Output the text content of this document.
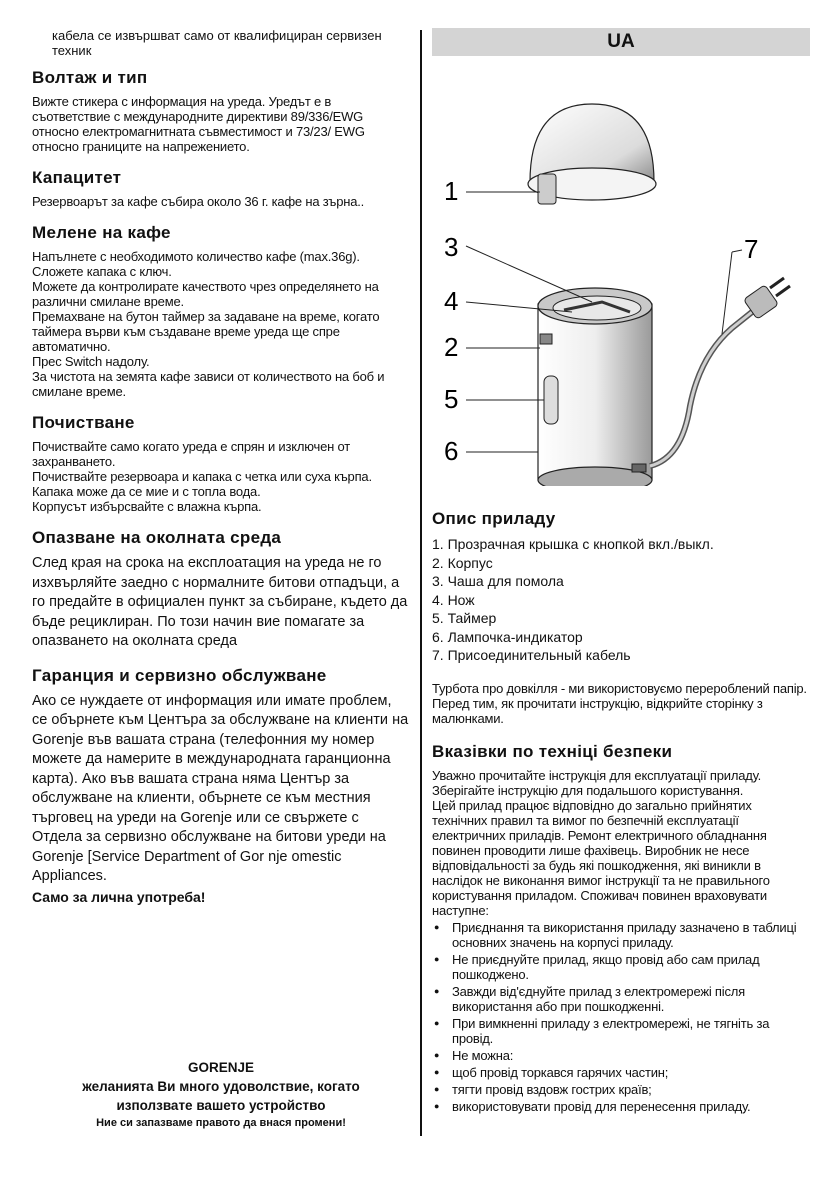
кабела се извършват само от квалифициран сервизен техник

Волтаж и тип

Вижте стикера с информация на уреда. Уредът е в съответствие с международните директиви 89/336/EWG относно електромагнитната съвместимост и 73/23/ EWG относно границите на напрежението.

Капацитет

Резервоарът за кафе събира около 36 г. кафе на зърна..

Мелене на кафе
Напълнете с необходимото количество кафе (max.36g). Сложете капака с ключ.
Можете да контролирате качеството чрез определянето на различни смилане време.
Премахване на бутон таймер за задаване на време, когато таймера върви към създаване време уреда ще спре автоматично.
Прес Switch надолу.
За чистота на земята кафе зависи от количеството на боб и смилане време.
Почистване
Почиствайте само когато уреда е спрян и изключен от захранването.
Почиствайте резервоара и капака с четка или суха кърпа.
Капака може да се мие и с топла вода.
Корпусът избърсвайте с влажна кърпа.
Опазване на околната среда

След края на срока на експлоатация на уреда не го изхвърляйте заедно с нормалните битови отпадъци, а го предайте в официален пункт за събиране, където да бъде рециклиран. По този начин вие помагате за опазването на околната среда

Гаранция и сервизно обслужване

Ако се нуждаете от информация или имате проблем, се обърнете към Центъра за обслужване на клиенти на Gorenje във вашата страна (телефонния му номер можете да намерите в международната гаранционна карта). Ако във вашата страна няма Център за обслужване на клиенти, обърнете се към местния търговец на уреди на Gorenje или се свържете с Отдела за сервизно обслужване на битови уреди на Gorenje [Service Department of Gor nje omestic Appliances.

Само за лична употреба!

GORENJE

желанията Ви много удоволствие, когато

използвате вашето устройство

Ние си запазваме правото да внася промени!

UA
1
3
4
2
5
6
7
Опис приладу
1. Прозрачная крышка с кнопкой вкл./выкл.
2. Корпус
3. Чаша для помола
4. Нож
5. Таймер
6. Лампочка-индикатор
7. Присоединительный кабель
Турбота про довкілля - ми використовуємо перероблений папір.
Перед тим, як прочитати інструкцію, відкрийте сторінку з малюнками.
Вказівки по техніці безпеки
Уважно прочитайте інструкція для експлуатації приладу. Зберігайте інструкцію для подальшого користування.
Цей прилад працює відповідно до загально прийнятих технічних правил та вимог по безпечній експлуатації електричних приладів. Ремонт електричного обладнання повинен проводити лише фахівець. Виробник не несе відповідальності за будь які пошкодження, які виникли в наслідок не виконання вимог інструкції та не правильного користування приладом. Споживач повинен враховувати наступне:
● Приєднання та використання приладу зазначено в таблиці основних значень на корпусі приладу.
● Не приєднуйте прилад, якщо провід або сам прилад пошкоджено.
● Завжди від'єднуйте прилад з електромережі після використання або при пошкодженні.
● При вимкненні приладу з електромережі, не тягніть за провід.
● Не можна:
● щоб провід торкався гарячих частин;
● тягти провід вздовж гострих країв;
● використовувати провід для перенесення приладу.
